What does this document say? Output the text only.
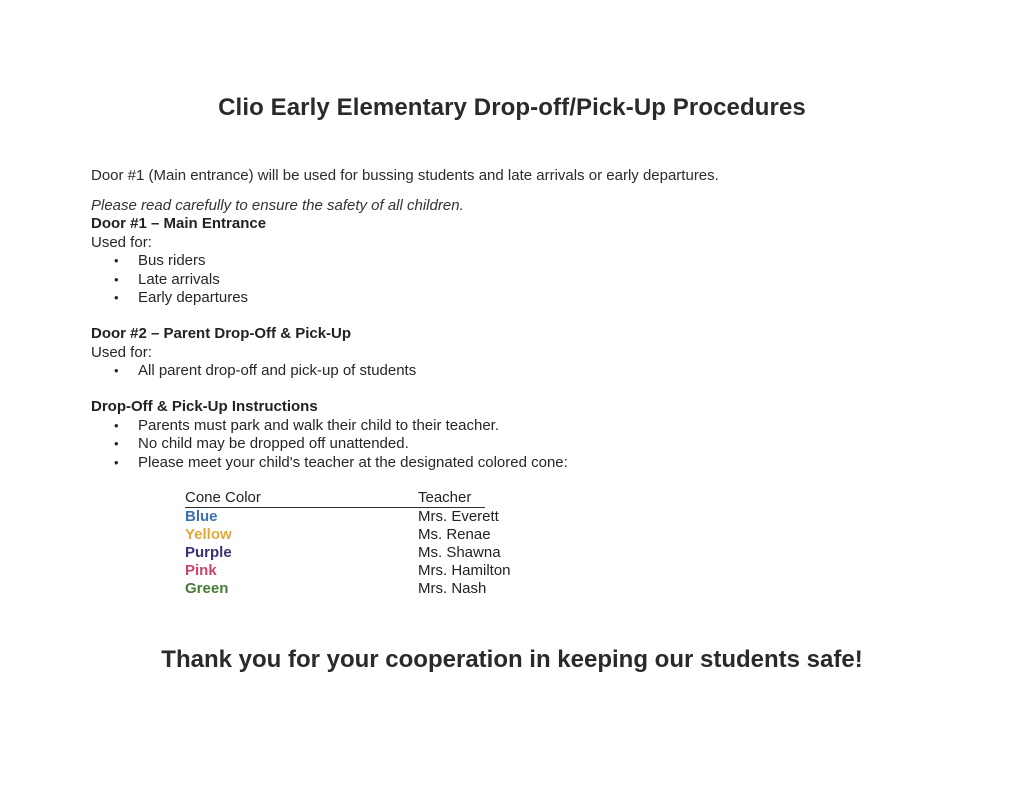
Clio Early Elementary Drop-off/Pick-Up Procedures
Door #1 (Main entrance) will be used for bussing students and late arrivals or early departures.
Please read carefully to ensure the safety of all children.
Door #1 – Main Entrance

Used for:

• Bus riders
• Late arrivals
• Early departures
Door #2 – Parent Drop-Off & Pick-Up

Used for:

• All parent drop-off and pick-up of students
Drop-Off & Pick-Up Instructions
• Parents must park and walk their child to their teacher.
• No child may be dropped off unattended.
• Please meet your child's teacher at the designated colored cone:
Cone Color	Teacher
Blue	Mrs. Everett
Yellow	Ms. Renae
Purple	Ms. Shawna
Pink	Mrs. Hamilton
Green	Mrs. Nash
Thank you for your cooperation in keeping our students safe!
